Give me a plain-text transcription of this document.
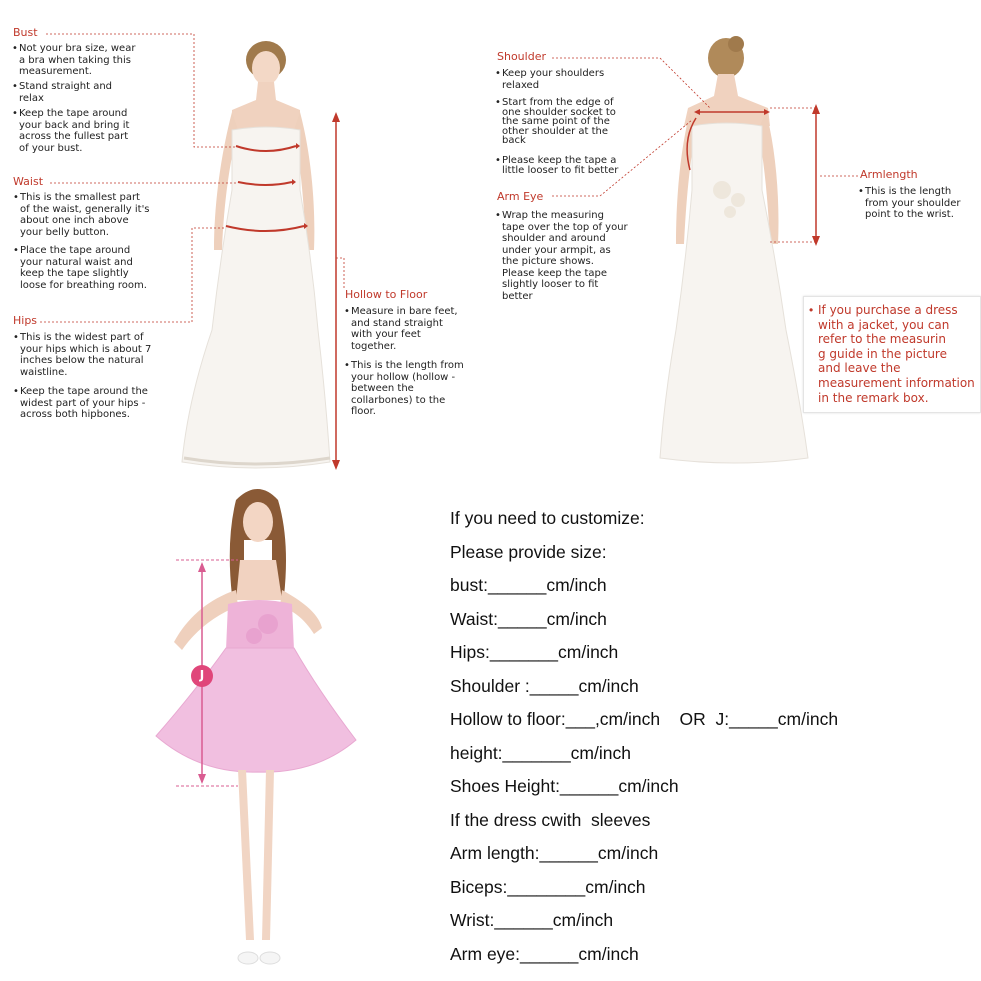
J
Bust
• Not your bra size, wear
a bra when taking this
measurement.
• Stand straight and
relax
• Keep the tape around
your back and bring it
across the fullest part
of your bust.
Waist
• This is the smallest part
of the waist, generally it's
about one inch above
your belly button.
• Place the tape around
your natural waist and
keep the tape slightly
loose for breathing room.
Hips
• This is the widest part of
your hips which is about 7
inches below the natural
waistline.
• Keep the tape around the
widest part of your hips -
across both hipbones.
Hollow to Floor
• Measure in bare feet,
and stand straight
with your feet
together.
• This is the length from
your hollow (hollow -
between the
collarbones) to the
floor.
Shoulder
• Keep your shoulders
relaxed
• Start from the edge of
one shoulder socket to
the same point of the
other shoulder at the
back
• Please keep the tape a
little looser to fit better
Arm Eye
• Wrap the measuring
tape over the top of your
shoulder and around
under your armpit, as
the picture shows.
Please keep the tape
slightly looser to fit
better
Armlength
• This is the length
from your shoulder
point to the wrist.
• If you purchase a dress
with a jacket, you can
refer to the measurin
g guide in the picture
and leave the
measurement information
in the remark box.
If you need to customize:
Please provide size:
bust:______cm/inch
Waist:_____cm/inch
Hips:_______cm/inch
Shoulder :_____cm/inch
Hollow to floor:___,cm/inch    OR  J:_____cm/inch
height:_______cm/inch
Shoes Height:______cm/inch
If the dress cwith  sleeves
Arm length:______cm/inch
Biceps:________cm/inch
Wrist:______cm/inch
Arm eye:______cm/inch
